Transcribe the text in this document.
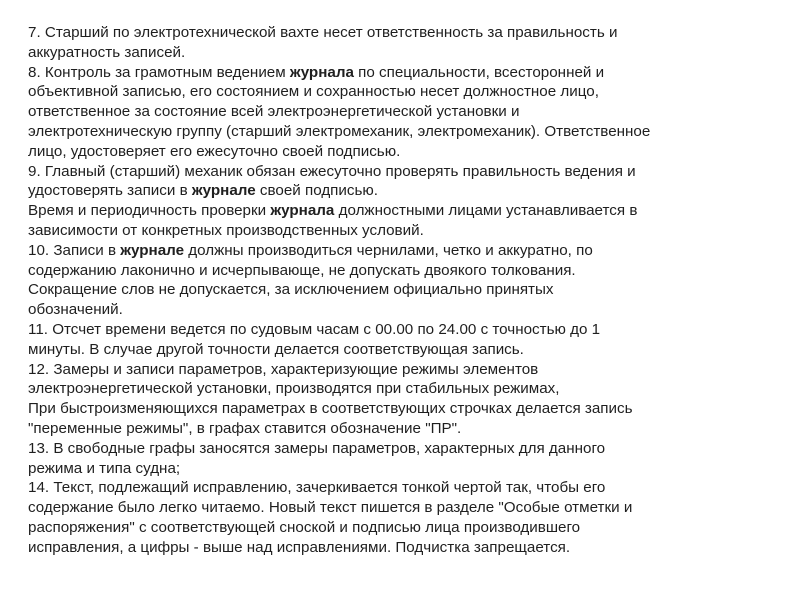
7. Старший по электротехнической вахте несет ответственность за правильность и
аккуратность записей.
8. Контроль за грамотным ведением журнала по специальности, всесторонней и
объективной записью, его состоянием и сохранностью несет должностное лицо,
ответственное за состояние всей электроэнергетической установки и
электротехническую группу (старший электромеханик, электромеханик). Ответственное
лицо, удостоверяет его ежесуточно своей подписью.
9. Главный (старший) механик обязан ежесуточно проверять правильность ведения и
удостоверять записи в журнале своей подписью.
Время и периодичность проверки журнала должностными лицами устанавливается в
зависимости от конкретных производственных условий.
10. Записи в журнале должны производиться чернилами, четко и аккуратно, по
содержанию лаконично и исчерпывающе, не допускать двоякого толкования.
Сокращение слов не допускается, за исключением официально принятых
обозначений.
11. Отсчет времени ведется по судовым часам с 00.00 по 24.00 с точностью до 1
минуты. В случае другой точности делается соответствующая запись.
12. Замеры и записи параметров, характеризующие режимы элементов
электроэнергетической установки, производятся при стабильных режимах,
При быстроизменяющихся параметрах в соответствующих строчках делается запись
"переменные режимы", в графах ставится обозначение "ПР".
13. В свободные графы заносятся замеры параметров, характерных для данного
режима и типа судна;
14. Текст, подлежащий исправлению, зачеркивается тонкой чертой так, чтобы его
содержание было легко читаемо. Новый текст пишется в разделе "Особые отметки и
распоряжения" с соответствующей сноской и подписью лица производившего
исправления, а цифры - выше над исправлениями. Подчистка запрещается.
